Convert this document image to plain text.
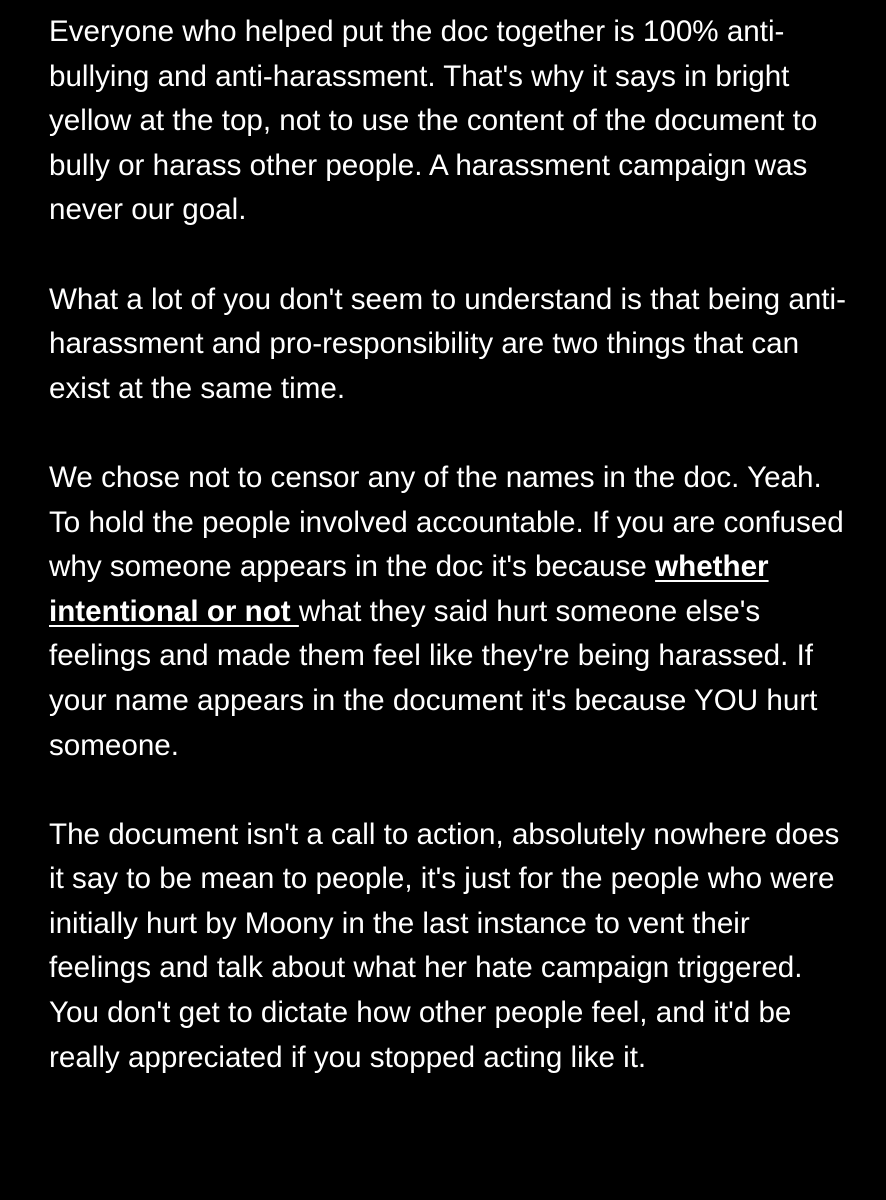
Everyone who helped put the doc together is 100% anti-bullying and anti-harassment. That's why it says in bright yellow at the top, not to use the content of the document to bully or harass other people. A harassment campaign was never our goal.

What a lot of you don't seem to understand is that being anti-harassment and pro-responsibility are two things that can exist at the same time.

We chose not to censor any of the names in the doc. Yeah. To hold the people involved accountable. If you are confused why someone appears in the doc it's because whether intentional or not what they said hurt someone else's feelings and made them feel like they're being harassed. If your name appears in the document it's because YOU hurt someone.

The document isn't a call to action, absolutely nowhere does it say to be mean to people, it's just for the people who were initially hurt by Moony in the last instance to vent their feelings and talk about what her hate campaign triggered. You don't get to dictate how other people feel, and it'd be really appreciated if you stopped acting like it.
